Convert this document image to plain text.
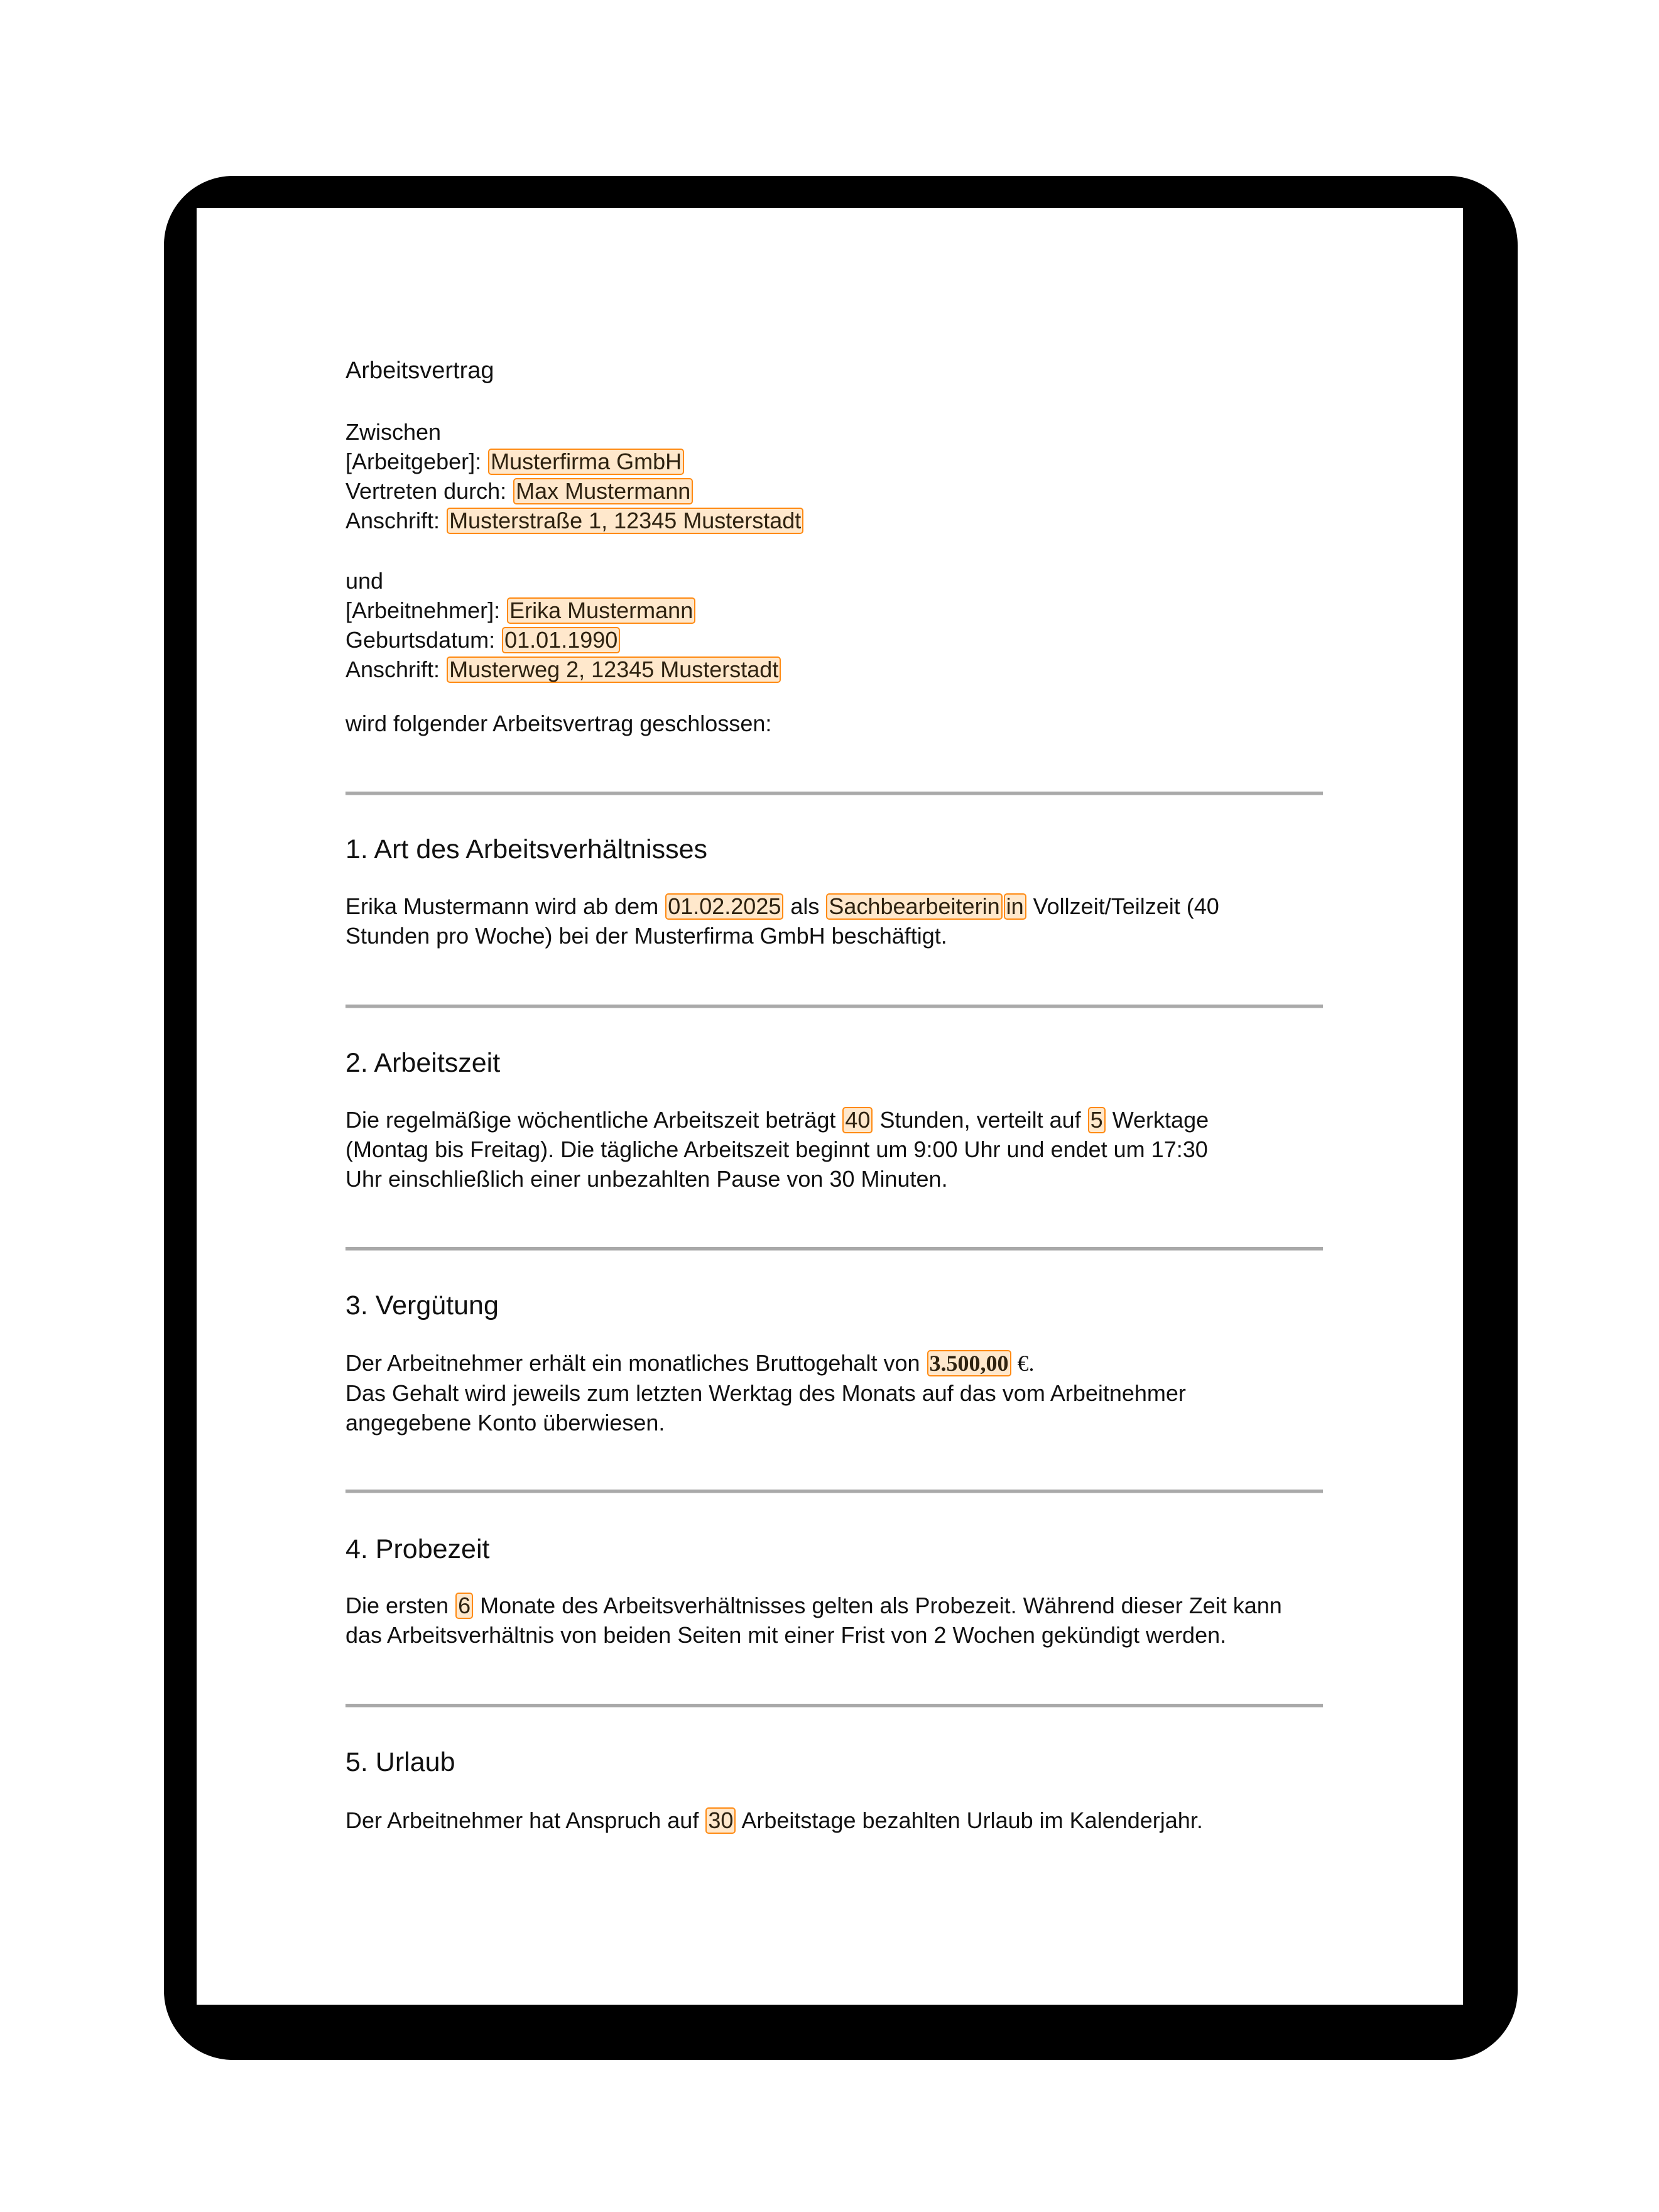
Arbeitsvertrag
Zwischen
[Arbeitgeber]: Musterfirma GmbH
Vertreten durch: Max Mustermann
Anschrift: Musterstraße 1, 12345 Musterstadt
und
[Arbeitnehmer]: Erika Mustermann
Geburtsdatum: 01.01.1990
Anschrift: Musterweg 2, 12345 Musterstadt
wird folgender Arbeitsvertrag geschlossen:
1. Art des Arbeitsverhältnisses
Erika Mustermann wird ab dem 01.02.2025 als Sachbearbeiterin in Vollzeit/Teilzeit (40
Stunden pro Woche) bei der Musterfirma GmbH beschäftigt.
2. Arbeitszeit
Die regelmäßige wöchentliche Arbeitszeit beträgt 40 Stunden, verteilt auf 5 Werktage
(Montag bis Freitag). Die tägliche Arbeitszeit beginnt um 9:00 Uhr und endet um 17:30
Uhr einschließlich einer unbezahlten Pause von 30 Minuten.
3. Vergütung
Der Arbeitnehmer erhält ein monatliches Bruttogehalt von 3.500,00 €.
Das Gehalt wird jeweils zum letzten Werktag des Monats auf das vom Arbeitnehmer
angegebene Konto überwiesen.
4. Probezeit
Die ersten 6 Monate des Arbeitsverhältnisses gelten als Probezeit. Während dieser Zeit kann
das Arbeitsverhältnis von beiden Seiten mit einer Frist von 2 Wochen gekündigt werden.
5. Urlaub
Der Arbeitnehmer hat Anspruch auf 30 Arbeitstage bezahlten Urlaub im Kalenderjahr.
